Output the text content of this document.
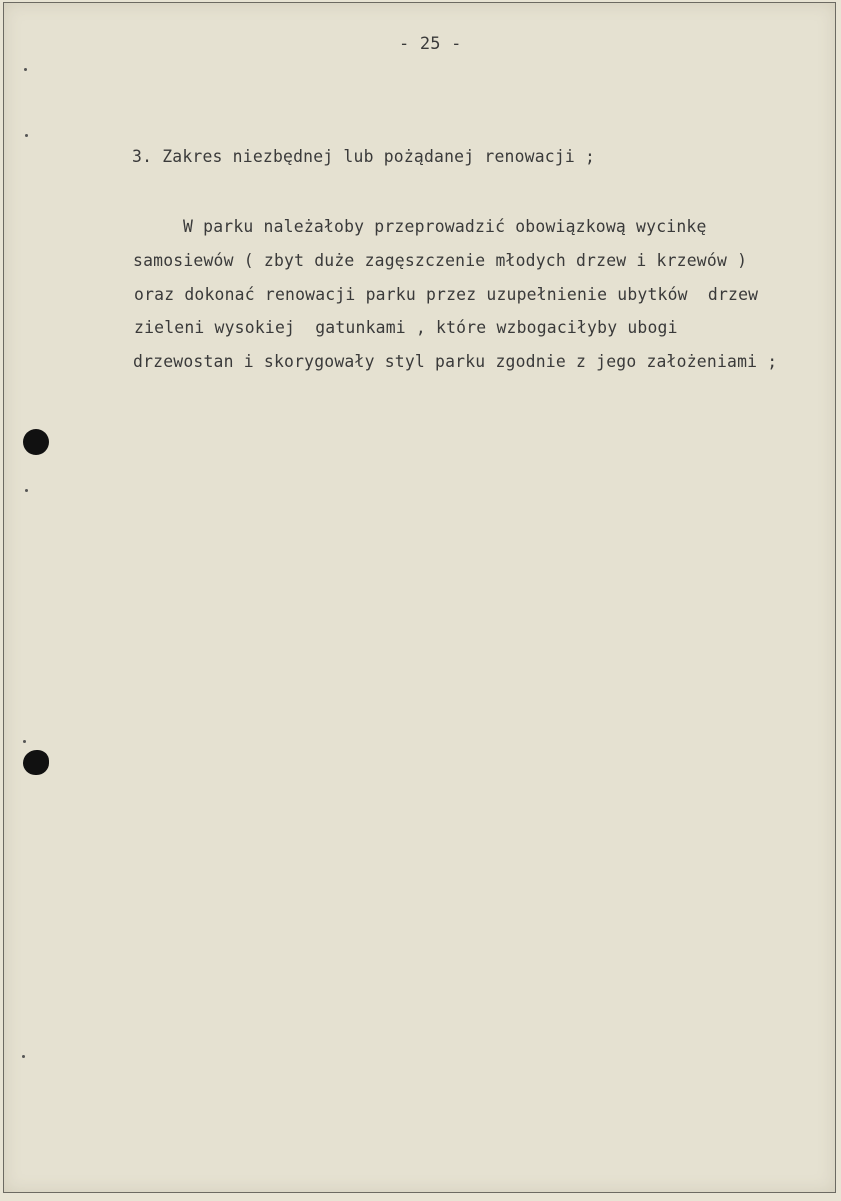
- 25 -
3. Zakres niezbędnej lub pożądanej renowacji ;
W parku należałoby przeprowadzić obowiązkową wycinkę
samosiewów ( zbyt duże zagęszczenie młodych drzew i krzewów )
oraz dokonać renowacji parku przez uzupełnienie ubytków  drzew
zieleni wysokiej  gatunkami , które wzbogaciłyby ubogi
drzewostan i skorygowały styl parku zgodnie z jego założeniami ;
